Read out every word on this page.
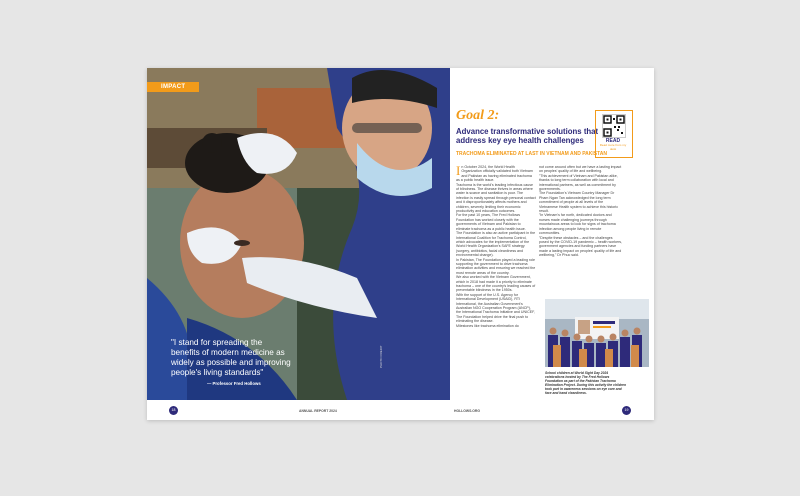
IMPACT
"I stand for spreading the benefits of modern medicine as widely as possible and improving people's living standards"
— Professor Fred Hollows
PHOTO CREDIT
Goal 2:
Advance transformative solutions that address key eye health challenges
TRACHOMA ELIMINATED AT LAST IN VIETNAM AND PAKISTAN
READ
Read more from my desk

In October 2024, the World Health Organization officially validated both Vietnam and Pakistan as having eliminated trachoma as a public health issue.

Trachoma is the world's leading infectious cause of blindness. The disease thrives in areas where water is scarce and sanitation is poor. The infection is easily spread through personal contact and it disproportionately affects mothers and children, severely limiting their economic productivity and education outcomes.

For the past 10 years, The Fred Hollows Foundation has worked closely with the governments of Vietnam and Pakistan to eliminate trachoma as a public health issue.

The Foundation is also an active participant in the International Coalition for Trachoma Control, which advocates for the implementation of the World Health Organization's SAFE strategy (surgery, antibiotics, facial cleanliness and environmental change).

In Pakistan, The Foundation played a leading role supporting the government to drive trachoma elimination activities and ensuring we reached the most remote areas of the country.

We also worked with the Vietnam Government, which in 2018 had made it a priority to eliminate trachoma – one of the country's leading causes of preventable blindness in the 1950s.

With the support of the U.S. Agency for International Development (USAID), RTI International, the Australian Government's Australian NGO Cooperation Program (ANCP), the International Trachoma Initiative and UNICEF, The Foundation helped drive the final push to eliminating the disease.

Milestones like trachoma elimination do

not come around often but we have a lasting impact on peoples' quality of life and wellbeing.

"This achievement of Vietnam and Pakistan alike, thanks to long term collaboration with local and international partners, as well as commitment by governments.

The Foundation's Vietnam Country Manager Dr Pham Ngan Tan acknowledged the long term commitment of people at all levels of the Vietnamese Health system to achieve this historic result.

"In Vietnam's far north, dedicated doctors and nurses made challenging journeys through mountainous areas to look for signs of trachoma infection among people living in remote communities.

"Despite these obstacles – and the challenges posed by the COVID-19 pandemic – health workers, government agencies and funding partners have made a lasting impact on peoples' quality of life and wellbeing," Dr Phuc said.

School children at World Sight Day 2024 celebrations hosted by The Fred Hollows Foundation as part of the Pakistan Trachoma Elimination Project. During this activity the children took part in awareness sessions on eye care and face and hand cleanliness.
18	ANNUAL REPORT 2024	HOLLOWS.ORG	19
